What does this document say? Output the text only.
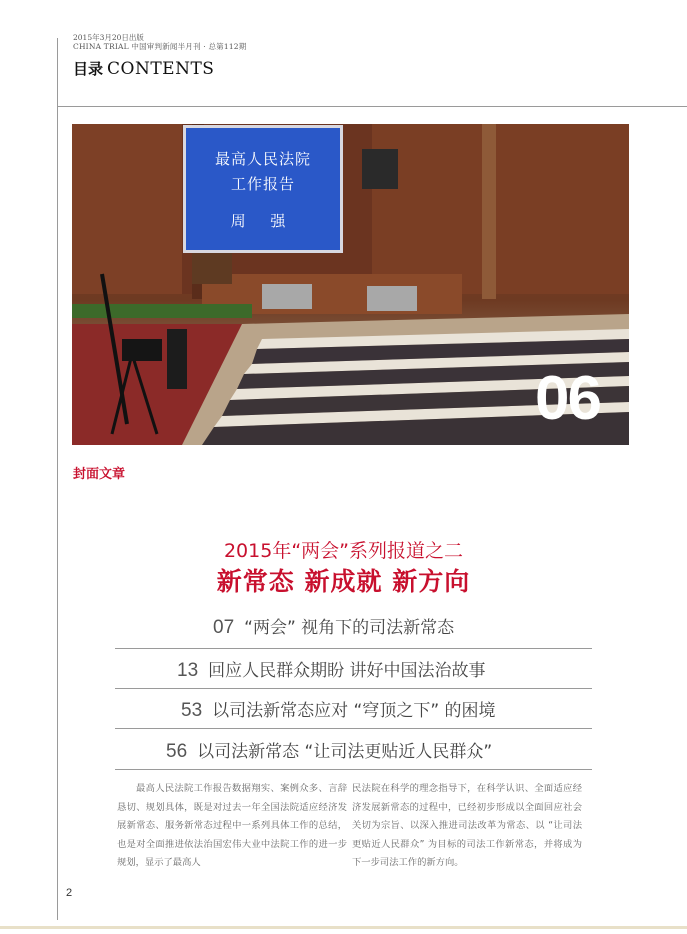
2015年3月20日出版
CHINA TRIAL 中国审判新闻半月刊 · 总第112期
目录 CONTENTS
最高人民法院
工作报告
周 强
06
封面文章
2015年“两会”系列报道之二
新常态 新成就 新方向
07 “两会” 视角下的司法新常态
13 回应人民群众期盼 讲好中国法治故事
53 以司法新常态应对 “穹顶之下” 的困境
56 以司法新常态 “让司法更贴近人民群众”
最高人民法院工作报告数据翔实、案例众多、言辞恳切、规划具体，既是对过去一年全国法院适应经济发展新常态、服务新常态过程中一系列具体工作的总结，也是对全面推进依法治国宏伟大业中法院工作的进一步规划，显示了最高人
民法院在科学的理念指导下，在科学认识、全面适应经济发展新常态的过程中，已经初步形成以全面回应社会关切为宗旨、以深入推进司法改革为常态、以 “让司法更贴近人民群众” 为目标的司法工作新常态，并将成为下一步司法工作的新方向。
2
